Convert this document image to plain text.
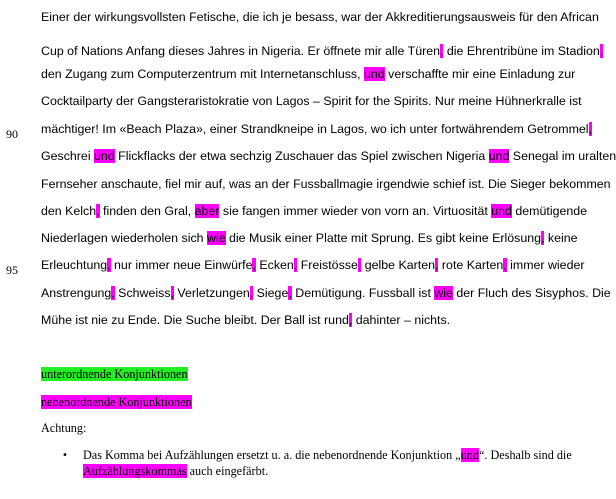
90
95
Einer der wirkungsvollsten Fetische, die ich je besass, war der Akkreditierungsausweis für den African
Cup of Nations Anfang dieses Jahres in Nigeria. Er öffnete mir alle Türen, die Ehrentribüne im Stadion,
den Zugang zum Computerzentrum mit Internetanschluss, und verschaffte mir eine Einladung zur
Cocktailparty der Gangsteraristokratie von Lagos – Spirit for the Spirits. Nur meine Hühnerkralle ist
mächtiger! Im «Beach Plaza», einer Strandkneipe in Lagos, wo ich unter fortwährendem Getrommel,
Geschrei und Flickflacks der etwa sechzig Zuschauer das Spiel zwischen Nigeria und Senegal im uralten
Fernseher anschaute, fiel mir auf, was an der Fussballmagie irgendwie schief ist. Die Sieger bekommen
den Kelch, finden den Gral, aber sie fangen immer wieder von vorn an. Virtuosität und demütigende
Niederlagen wiederholen sich wie die Musik einer Platte mit Sprung. Es gibt keine Erlösung, keine
Erleuchtung, nur immer neue Einwürfe, Ecken, Freistösse, gelbe Karten, rote Karten, immer wieder
Anstrengung, Schweiss, Verletzungen, Siege, Demütigung. Fussball ist wie der Fluch des Sisyphos. Die
Mühe ist nie zu Ende. Die Suche bleibt. Der Ball ist rund, dahinter – nichts.
unterordnende Konjunktionen
nebenordnende Konjunktionen
Achtung:
• Das Komma bei Aufzählungen ersetzt u. a. die nebenordnende Konjunktion „und“. Deshalb sind die
Aufzählungskommas auch eingefärbt.
